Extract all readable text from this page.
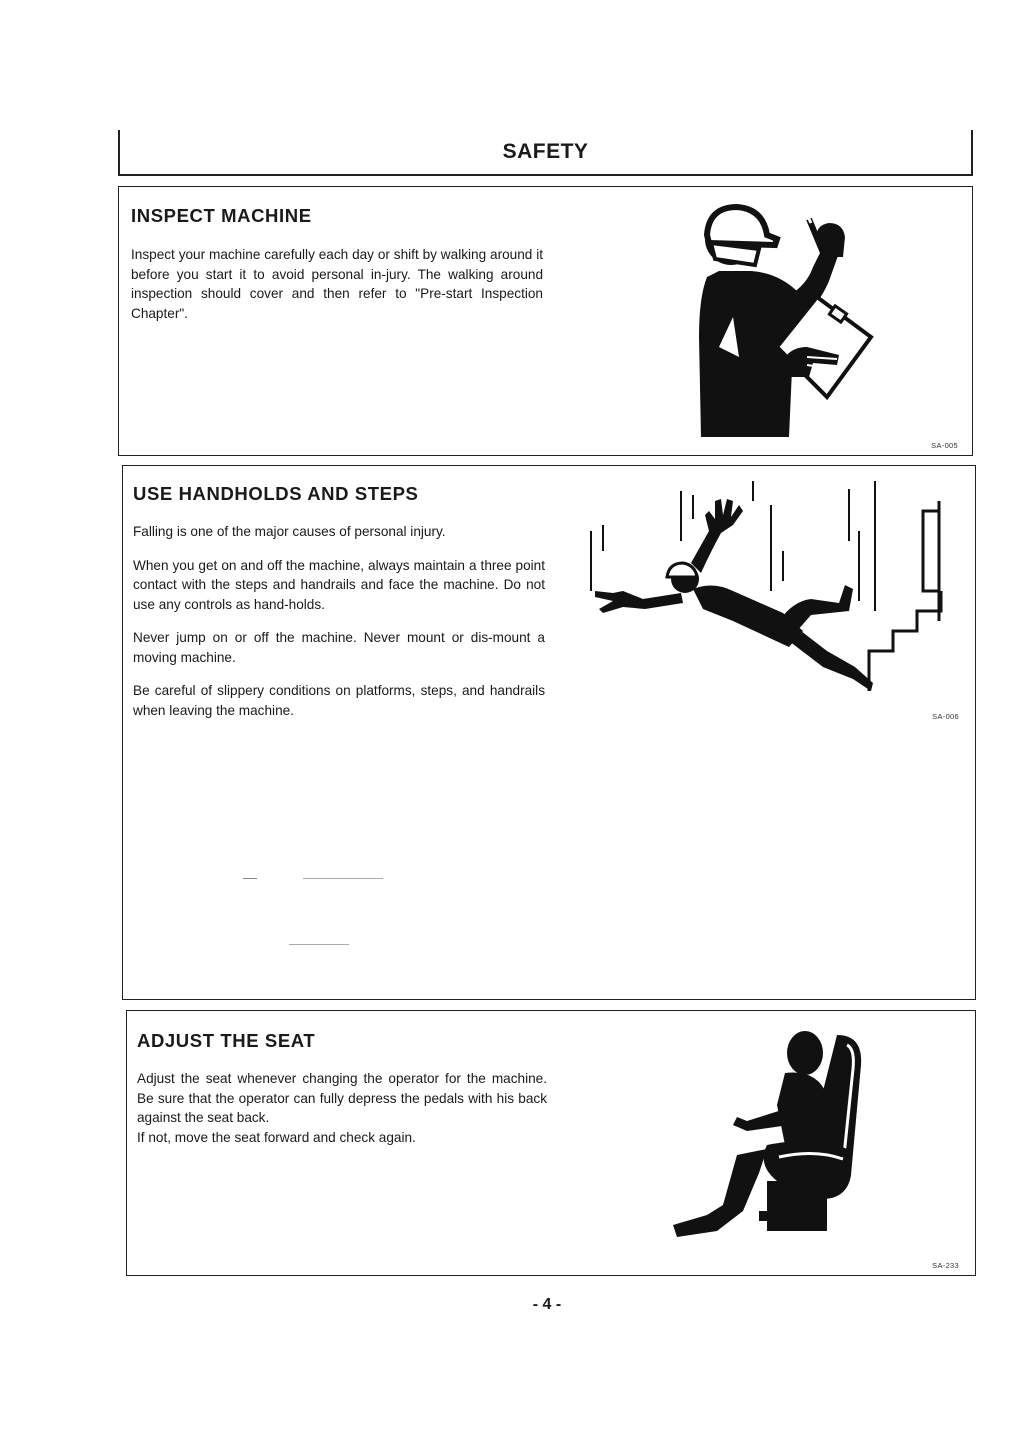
SAFETY
INSPECT MACHINE

Inspect your machine carefully each day or shift by walking around it before you start it to avoid personal in-jury. The walking around inspection should cover and then refer to "Pre-start Inspection Chapter".

SA-005
USE HANDHOLDS AND STEPS

Falling is one of the major causes of personal injury.

When you get on and off the machine, always maintain a three point contact with the steps and handrails and face the machine. Do not use any controls as hand-holds.

Never jump on or off the machine. Never mount or dis-mount a moving machine.

Be careful of slippery conditions on platforms, steps, and handrails when leaving the machine.	SA-006
ADJUST THE SEAT

Adjust the seat whenever changing the operator for the machine. Be sure that the operator can fully depress the pedals with his back against the seat back.

If not, move the seat forward and check again.

SA-233
- 4 -
